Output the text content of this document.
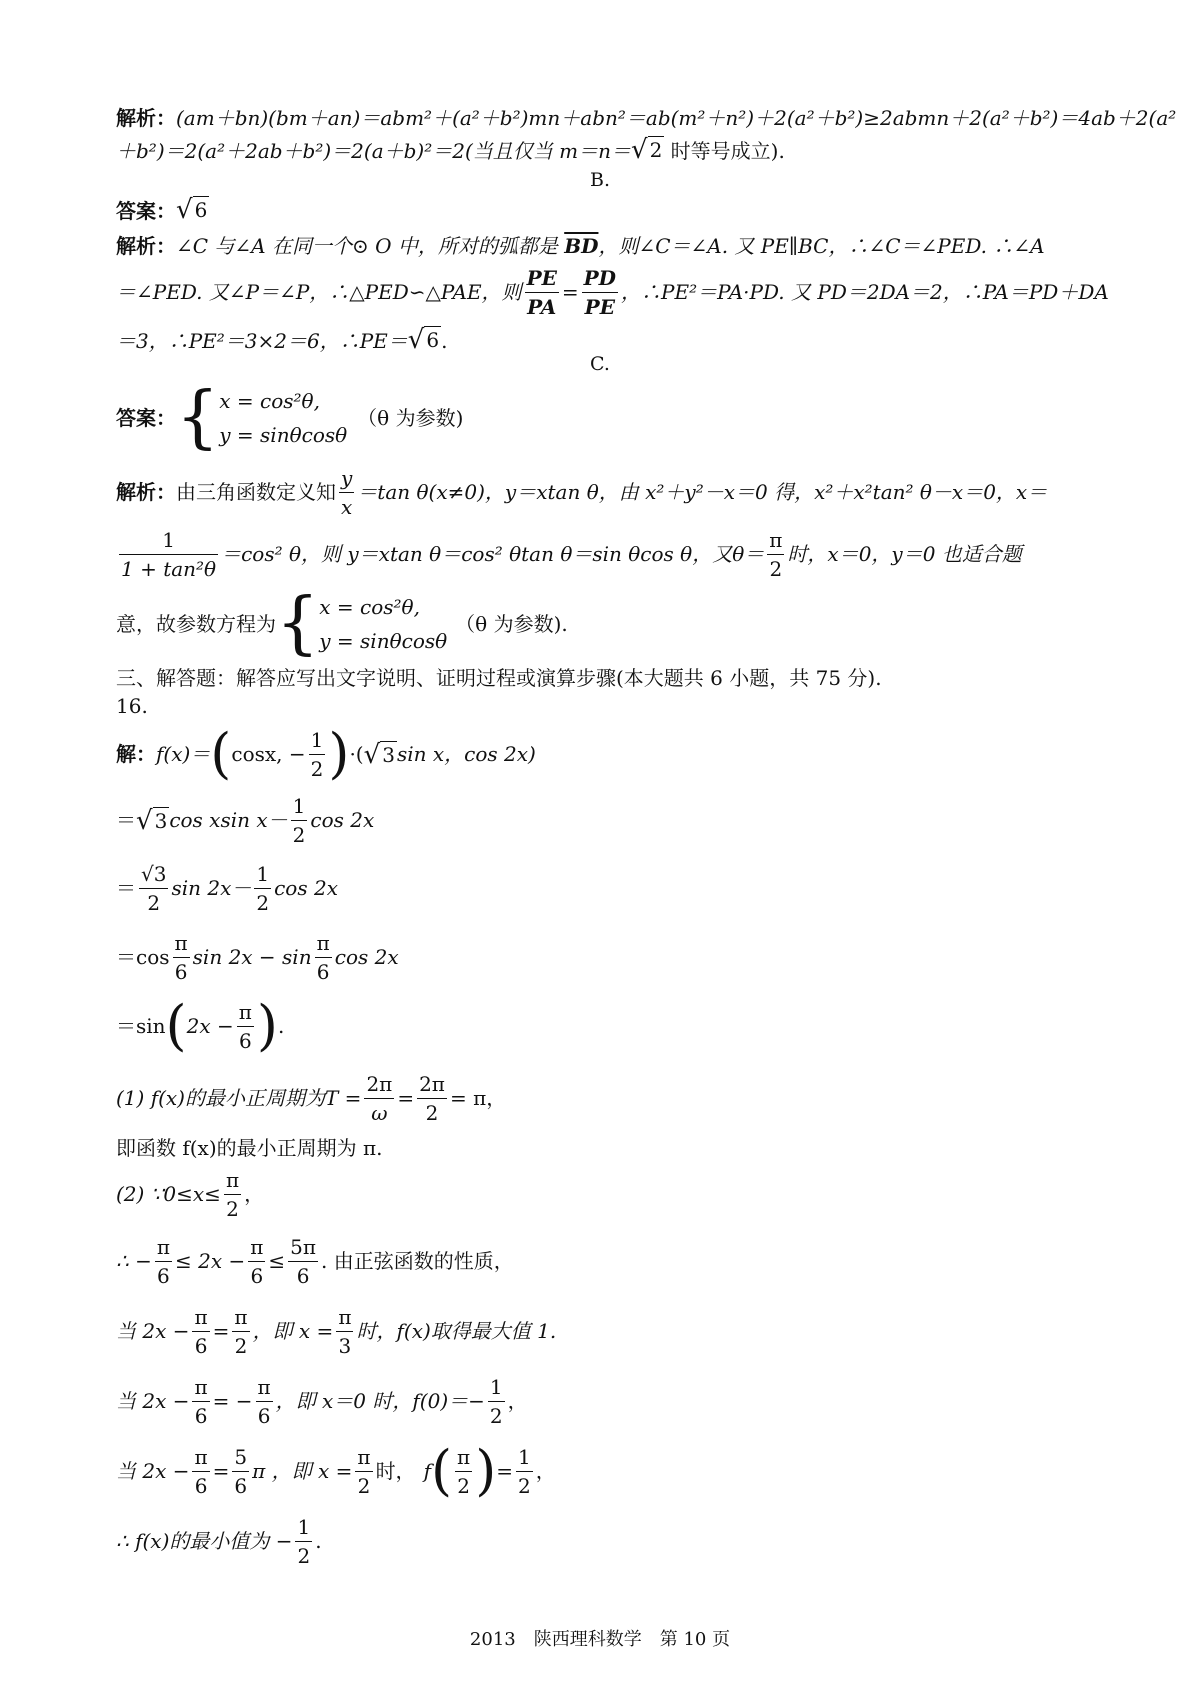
解析：(am＋bn)(bm＋an)＝abm²＋(a²＋b²)mn＋abn²＝ab(m²＋n²)＋2(a²＋b²)≥2abmn＋2(a²＋b²)＝4ab＋2(a²
＋b²)＝2(a²＋2ab＋b²)＝2(a＋b)²＝2(当且仅当 m＝n＝ √ 2 时等号成立).
B.
答案： √ 6
解析：∠C 与∠A 在同一个⊙ O 中，所对的弧都是 $\overline{BD}$，则∠C＝∠A. 又 PE∥BC，∴∠C＝∠PED. ∴∠A
＝∠PED. 又∠P＝∠P，∴△PED∽△PAE，则 $\frac{PE}{PA} = \frac{PD}{PE}$ ，∴PE²＝PA·PD. 又 PD＝2DA＝2，∴PA＝PD＋DA
＝3，∴PE²＝3×2＝6，∴PE＝ √ 6 .
C.
答案： { x = cos²θ,
y = sinθcosθ
（θ 为参数)
解析： 由三角函数定义知 $\frac{y}{x} =\tan$ θ(x≠0)，y＝xtan θ，由 x²＋y²－x＝0 得，x²＋x²tan² θ－x＝0，x＝
$\frac{1}{\text{1 + tan²θ}} =\cos^2$ θ，则 y＝xtan θ＝cos² θtan θ＝sin θcos θ，又$\theta= \frac{\pi}{2}$ 时，x＝0，y＝0 也适合题
意，故参数方程为 { x = cos²θ,
y = sinθcosθ
（θ 为参数).
三、解答题：解答应写出文字说明、证明过程或演算步骤(本大题共 6 小题，共 75 分).
16.
解： f(x)＝ ( cosx, − $\frac{1}{2}$ ) ·( √ 3 sin x，cos 2x)
＝ √ 3 cos xsin $x- \frac{1}{2}$ cos 2x
＝ $\frac{√3}{2}$ $\sin 2x- \frac{1}{2}$ cos 2x
$=\cos \frac{\pi}{6}$ $\sin 2x - \sin \frac{\pi}{6}$ cos 2x
＝sin ( $2x - \frac{\pi}{6}$ ) .
(1) f(x)的最小正周期为$T = \frac{2\pi}{\omega} = \frac{2\pi}{2} = \pi$，
即函数 f(x)的最小正周期为 π.
(2) ∵0≤x≤ $\frac{\pi}{2}$ ，
∴ − $\frac{\pi}{6} \le 2x - \frac{\pi}{6} \le \frac{5\pi}{6}$ . 由正弦函数的性质，
当 $2x - \frac{\pi}{6} = \frac{\pi}{2}$ ，即 $x = \frac{\pi}{3}$ 时，f(x)取得最大值 1.
当 $2x - \frac{\pi}{6}$ = − $\frac{\pi}{6}$ ，即 x＝0 时，$f(0)=- \frac{1}{2}$ ，
当 $2x - \frac{\pi}{6} = \frac{5}{6}$ π ，即 $x = \frac{\pi}{2}$ 时， f ( $\frac{\pi}{2}$ ) = $\frac{1}{2}$ ，
∴ f(x)的最小值为 − $\frac{1}{2}$ .
2013　陕西理科数学　第 10 页
